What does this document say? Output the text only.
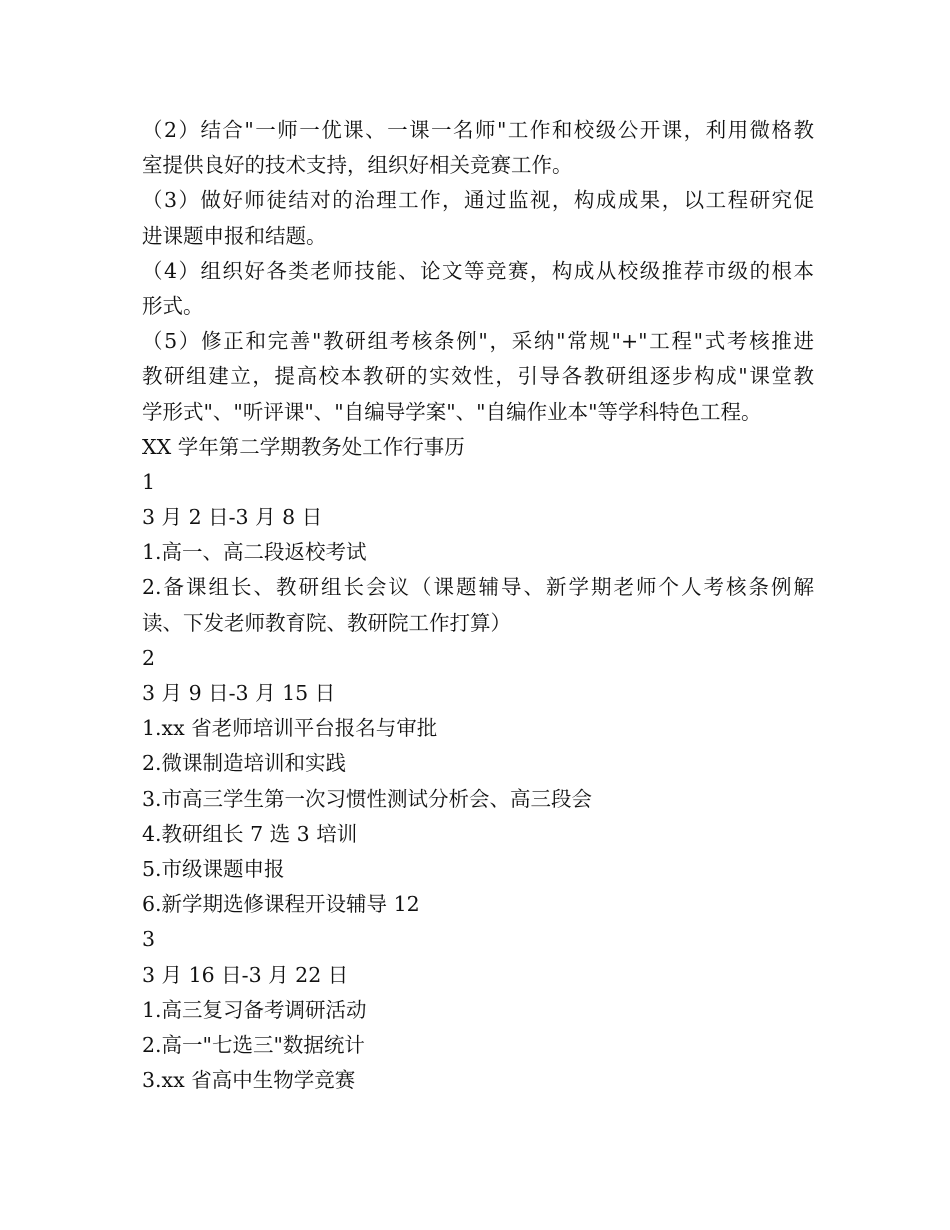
（2）结合"一师一优课、一课一名师"工作和校级公开课，利用微格教
室提供良好的技术支持，组织好相关竞赛工作。
（3）做好师徒结对的治理工作，通过监视，构成成果，以工程研究促
进课题申报和结题。
（4）组织好各类老师技能、论文等竞赛，构成从校级推荐市级的根本
形式。
（5）修正和完善"教研组考核条例"，采纳"常规"+"工程"式考核推进
教研组建立，提高校本教研的实效性，引导各教研组逐步构成"课堂教
学形式"、"听评课"、"自编导学案"、"自编作业本"等学科特色工程。
XX 学年第二学期教务处工作行事历
1
3 月 2 日-3 月 8 日
1.高一、高二段返校考试
2.备课组长、教研组长会议（课题辅导、新学期老师个人考核条例解
读、下发老师教育院、教研院工作打算）
2
3 月 9 日-3 月 15 日
1.xx 省老师培训平台报名与审批
2.微课制造培训和实践
3.市高三学生第一次习惯性测试分析会、高三段会
4.教研组长 7 选 3 培训
5.市级课题申报
6.新学期选修课程开设辅导 12
3
3 月 16 日-3 月 22 日
1.高三复习备考调研活动
2.高一"七选三"数据统计
3.xx 省高中生物学竞赛
